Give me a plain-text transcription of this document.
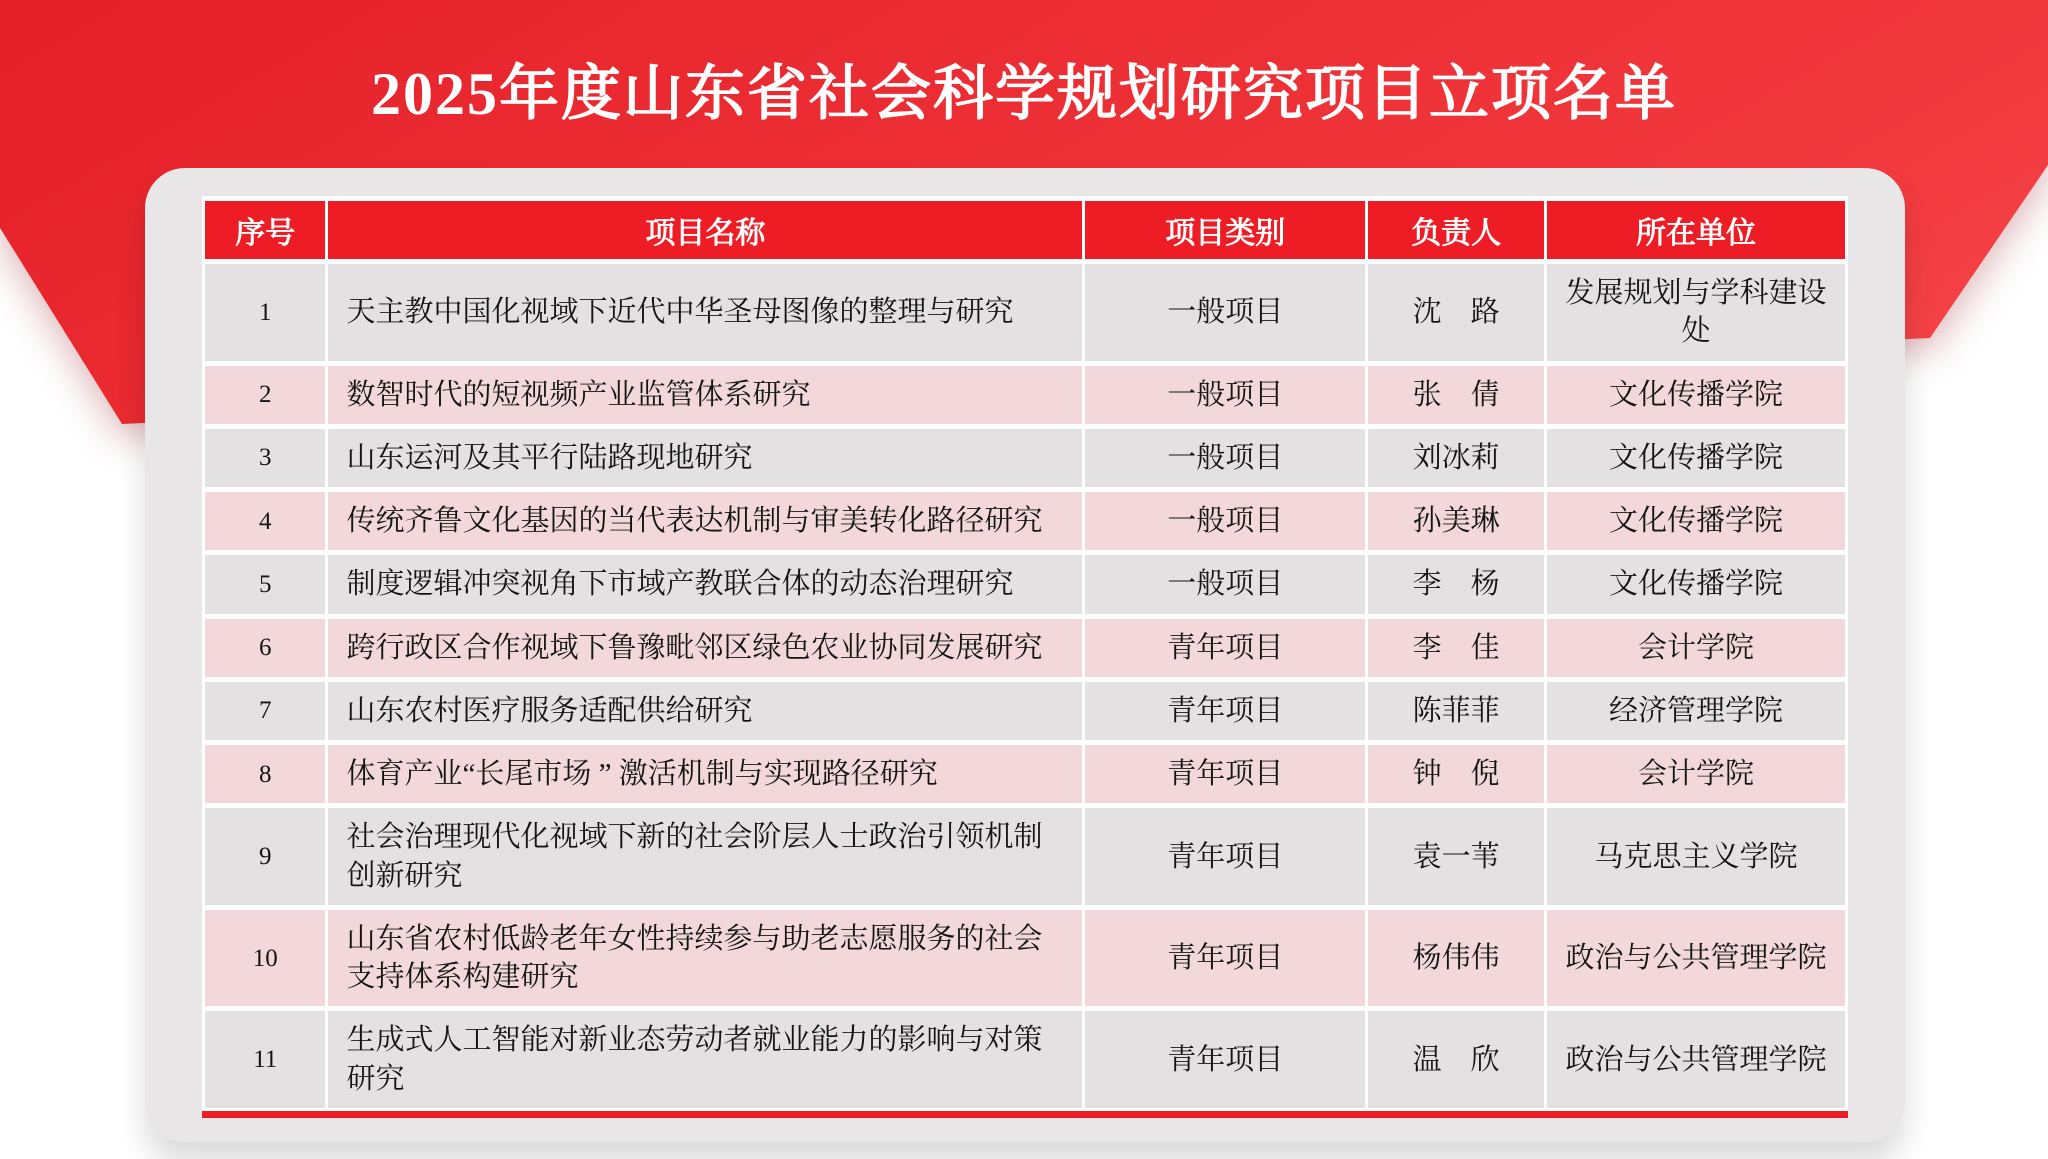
2025年度山东省社会科学规划研究项目立项名单
序号	项目名称	项目类别	负责人	所在单位
1	天主教中国化视域下近代中华圣母图像的整理与研究	一般项目	沈　路	发展规划与学科建设处
2	数智时代的短视频产业监管体系研究	一般项目	张　倩	文化传播学院
3	山东运河及其平行陆路现地研究	一般项目	刘冰莉	文化传播学院
4	传统齐鲁文化基因的当代表达机制与审美转化路径研究	一般项目	孙美琳	文化传播学院
5	制度逻辑冲突视角下市域产教联合体的动态治理研究	一般项目	李　杨	文化传播学院
6	跨行政区合作视域下鲁豫毗邻区绿色农业协同发展研究	青年项目	李　佳	会计学院
7	山东农村医疗服务适配供给研究	青年项目	陈菲菲	经济管理学院
8	体育产业“长尾市场 ” 激活机制与实现路径研究	青年项目	钟　倪	会计学院
9	社会治理现代化视域下新的社会阶层人士政治引领机制创新研究	青年项目	袁一苇	马克思主义学院
10	山东省农村低龄老年女性持续参与助老志愿服务的社会支持体系构建研究	青年项目	杨伟伟	政治与公共管理学院
11	生成式人工智能对新业态劳动者就业能力的影响与对策研究	青年项目	温　欣	政治与公共管理学院
